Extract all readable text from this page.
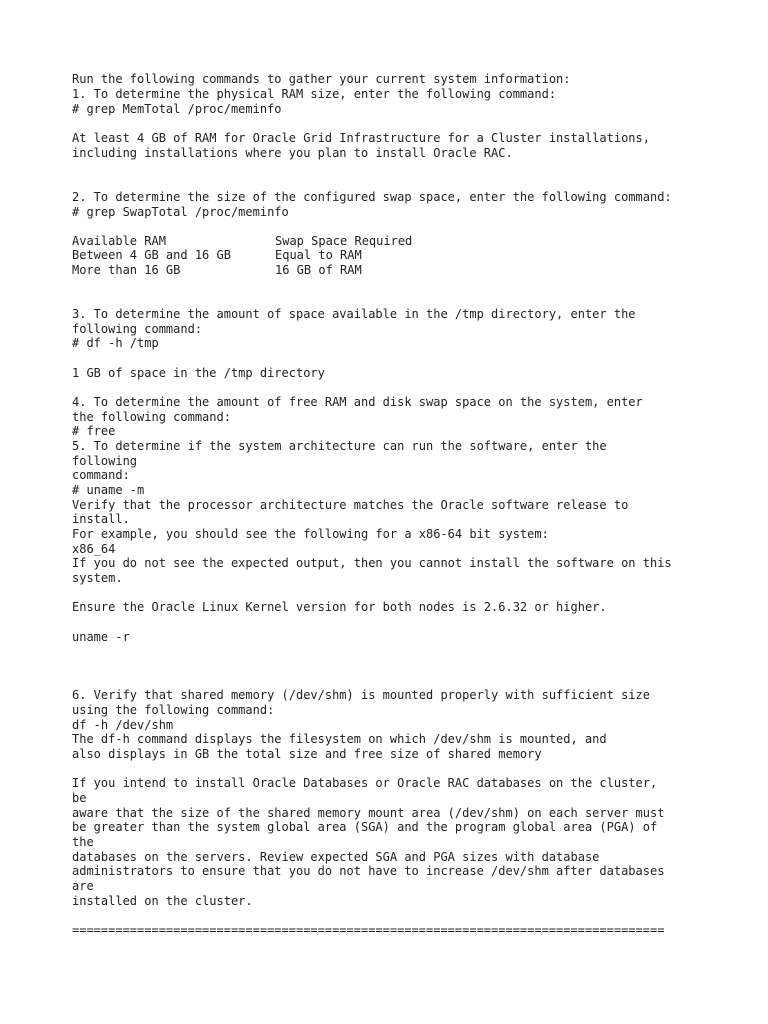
Run the following commands to gather your current system information:

1. To determine the physical RAM size, enter the following command:

# grep MemTotal /proc/meminfo

At least 4 GB of RAM for Oracle Grid Infrastructure for a Cluster installations,

including installations where you plan to install Oracle RAC.

2. To determine the size of the configured swap space, enter the following command:

# grep SwapTotal /proc/meminfo

Available RAM	Swap Space Required

Between 4 GB and 16 GB	Equal to RAM

More than 16 GB	16 GB of RAM

3. To determine the amount of space available in the /tmp directory, enter the

following command:

# df -h /tmp

1 GB of space in the /tmp directory

4. To determine the amount of free RAM and disk swap space on the system, enter

the following command:

# free

5. To determine if the system architecture can run the software, enter the

following

command:

# uname -m

Verify that the processor architecture matches the Oracle software release to

install.

For example, you should see the following for a x86-64 bit system:

x86_64

If you do not see the expected output, then you cannot install the software on this

system.

Ensure the Oracle Linux Kernel version for both nodes is 2.6.32 or higher.

uname -r

6. Verify that shared memory (/dev/shm) is mounted properly with sufficient size

using the following command:

df -h /dev/shm

The df-h command displays the filesystem on which /dev/shm is mounted, and

also displays in GB the total size and free size of shared memory

If you intend to install Oracle Databases or Oracle RAC databases on the cluster,

be

aware that the size of the shared memory mount area (/dev/shm) on each server must

be greater than the system global area (SGA) and the program global area (PGA) of

the

databases on the servers. Review expected SGA and PGA sizes with database

administrators to ensure that you do not have to increase /dev/shm after databases

are

installed on the cluster.

==================================================================================
